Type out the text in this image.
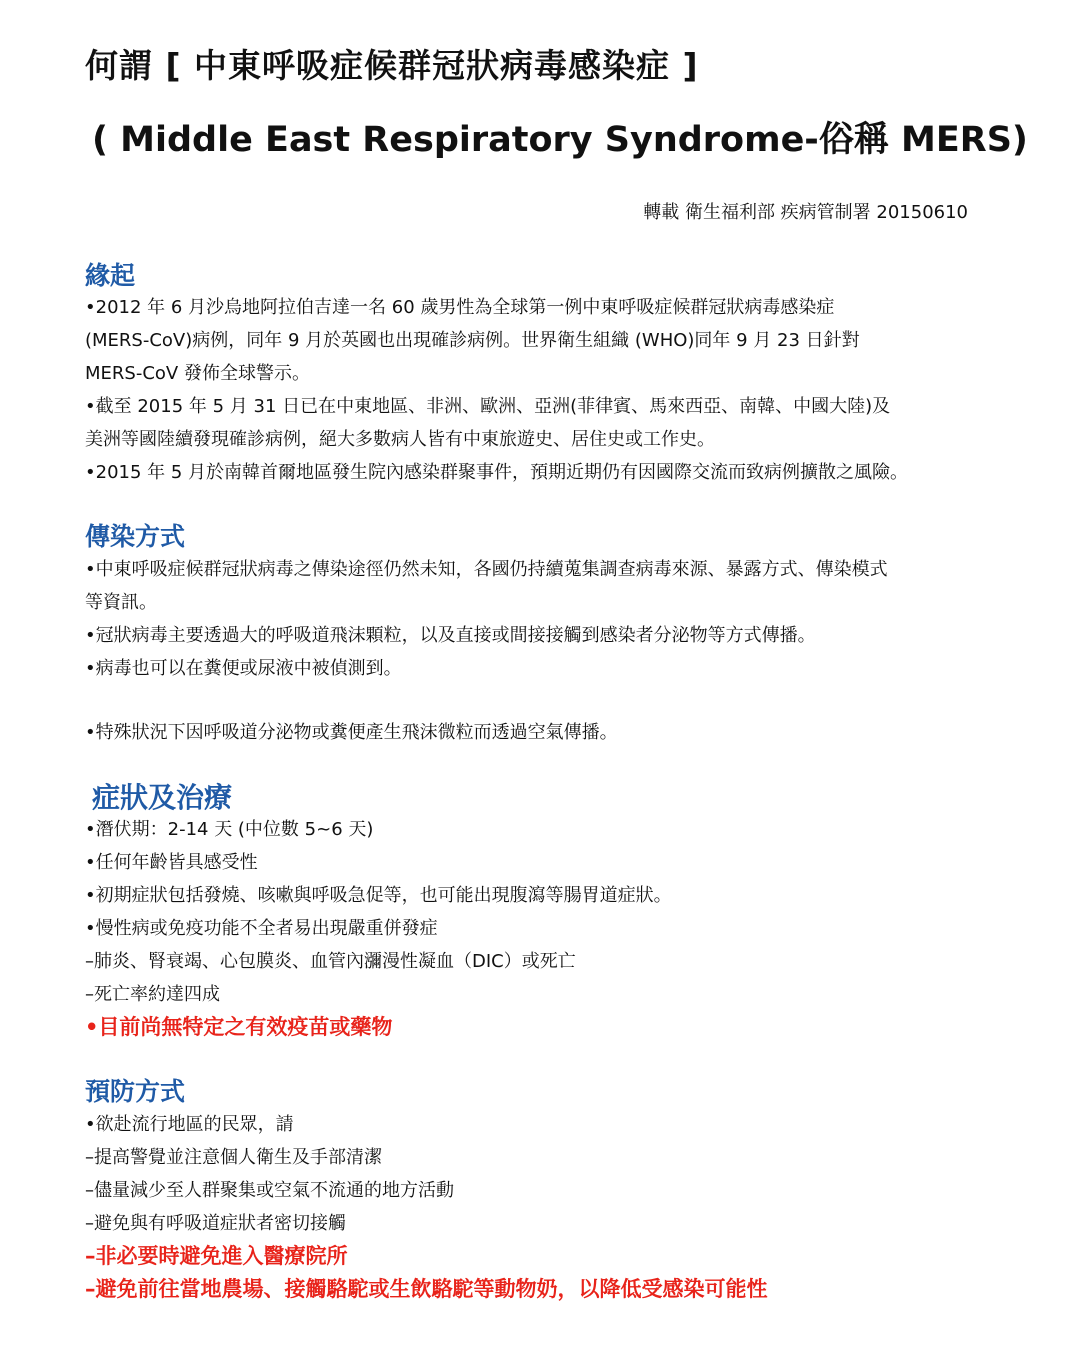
何謂 [ 中東呼吸症候群冠狀病毒感染症 ]
( Middle East Respiratory Syndrome-俗稱 MERS)
轉載 衛生福利部 疾病管制署 20150610
緣起
•2012 年 6 月沙烏地阿拉伯吉達一名 60 歲男性為全球第一例中東呼吸症候群冠狀病毒感染症
(MERS-CoV)病例，同年 9 月於英國也出現確診病例。世界衛生組織 (WHO)同年 9 月 23 日針對
MERS-CoV 發佈全球警示。
•截至 2015 年 5 月 31 日已在中東地區、非洲、歐洲、亞洲(菲律賓、馬來西亞、南韓、中國大陸)及
美洲等國陸續發現確診病例，絕大多數病人皆有中東旅遊史、居住史或工作史。
•2015 年 5 月於南韓首爾地區發生院內感染群聚事件，預期近期仍有因國際交流而致病例擴散之風險。
傳染方式
•中東呼吸症候群冠狀病毒之傳染途徑仍然未知，各國仍持續蒐集調查病毒來源、暴露方式、傳染模式
等資訊。
•冠狀病毒主要透過大的呼吸道飛沫顆粒，以及直接或間接接觸到感染者分泌物等方式傳播。
•病毒也可以在糞便或尿液中被偵測到。
•特殊狀況下因呼吸道分泌物或糞便產生飛沫微粒而透過空氣傳播。
症狀及治療
•潛伏期：2-14 天 (中位數 5~6 天)
•任何年齡皆具感受性
•初期症狀包括發燒、咳嗽與呼吸急促等，也可能出現腹瀉等腸胃道症狀。
•慢性病或免疫功能不全者易出現嚴重併發症
–肺炎、腎衰竭、心包膜炎、血管內瀰漫性凝血（DIC）或死亡
–死亡率約達四成
•目前尚無特定之有效疫苗或藥物
預防方式
•欲赴流行地區的民眾，請
–提高警覺並注意個人衛生及手部清潔
–儘量減少至人群聚集或空氣不流通的地方活動
–避免與有呼吸道症狀者密切接觸
–非必要時避免進入醫療院所
–避免前往當地農場、接觸駱駝或生飲駱駝等動物奶，以降低受感染可能性
